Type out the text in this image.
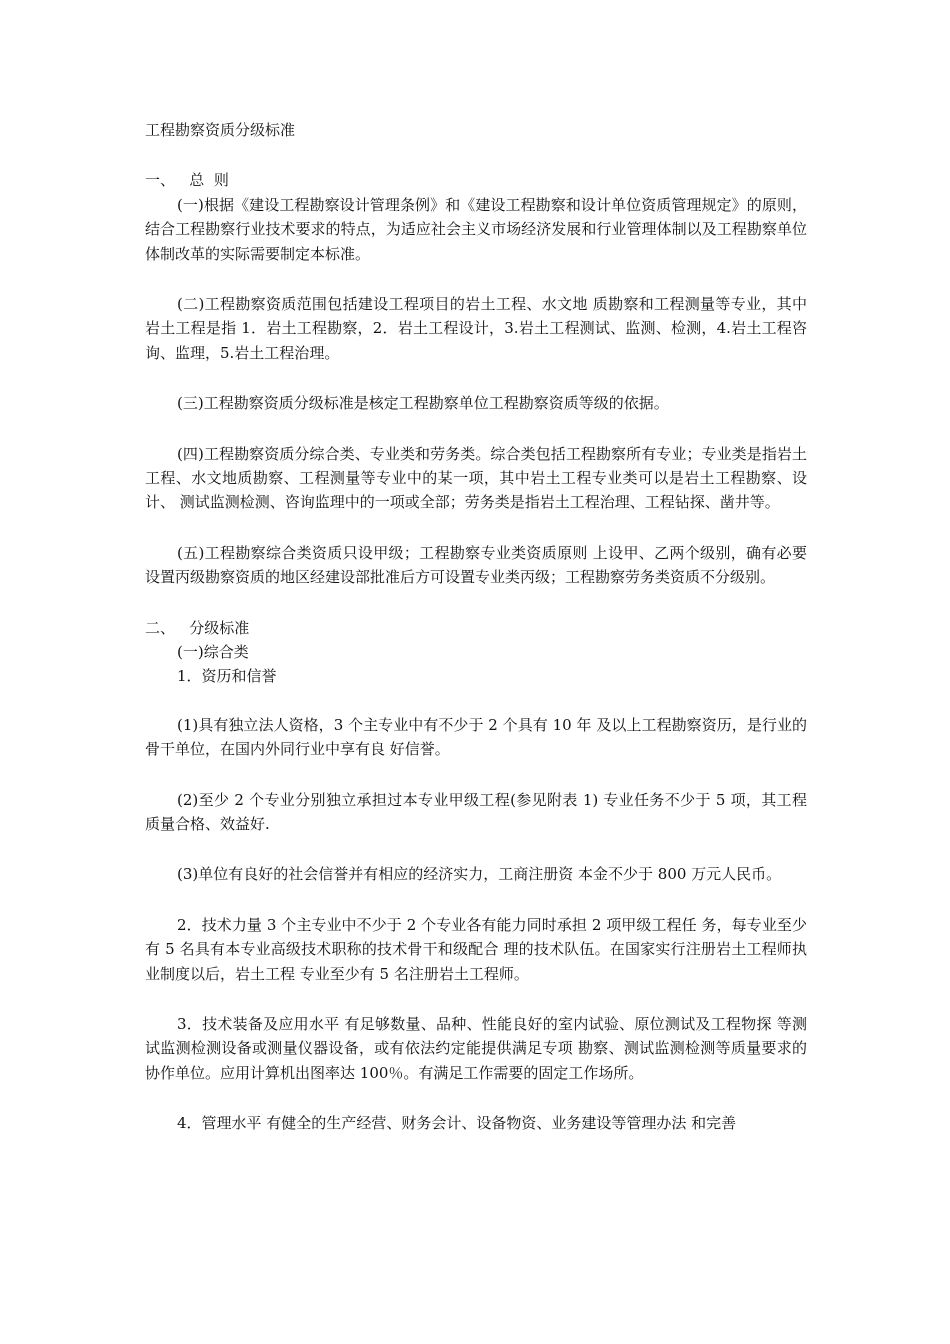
工程勘察资质分级标准
一、   总  则

(一)根据《建设工程勘察设计管理条例》和《建设工程勘察和设计单位资质管理规定》的原则，结合工程勘察行业技术要求的特点，为适应社会主义市场经济发展和行业管理体制以及工程勘察单位体制改革的实际需要制定本标准。

(二)工程勘察资质范围包括建设工程项目的岩土工程、水文地 质勘察和工程测量等专业，其中岩土工程是指 1．岩土工程勘察，2．岩土工程设计，3.岩土工程测试、监测、检测，4.岩土工程咨询、监理，5.岩土工程治理。

(三)工程勘察资质分级标准是核定工程勘察单位工程勘察资质等级的依据。

(四)工程勘察资质分综合类、专业类和劳务类。综合类包括工程勘察所有专业；专业类是指岩土工程、水文地质勘察、工程测量等专业中的某一项，其中岩土工程专业类可以是岩土工程勘察、设计、 测试监测检测、咨询监理中的一项或全部；劳务类是指岩土工程治理、工程钻探、凿井等。

(五)工程勘察综合类资质只设甲级；工程勘察专业类资质原则 上设甲、乙两个级别，确有必要设置丙级勘察资质的地区经建设部批准后方可设置专业类丙级；工程勘察劳务类资质不分级别。

二、   分级标准
(一)综合类
1．资历和信誉

(1)具有独立法人资格，3 个主专业中有不少于 2 个具有 10 年 及以上工程勘察资历，是行业的骨干单位，在国内外同行业中享有良 好信誉。

(2)至少 2 个专业分别独立承担过本专业甲级工程(参见附表 1) 专业任务不少于 5 项，其工程质量合格、效益好.

(3)单位有良好的社会信誉并有相应的经济实力，工商注册资 本金不少于 800 万元人民币。

2．技术力量 3 个主专业中不少于 2 个专业各有能力同时承担 2 项甲级工程任 务，每专业至少有 5 名具有本专业高级技术职称的技术骨干和级配合 理的技术队伍。在国家实行注册岩土工程师执业制度以后，岩土工程 专业至少有 5 名注册岩土工程师。

3．技术装备及应用水平 有足够数量、品种、性能良好的室内试验、原位测试及工程物探 等测试监测检测设备或测量仪器设备，或有依法约定能提供满足专项 勘察、测试监测检测等质量要求的协作单位。应用计算机出图率达 100％。有满足工作需要的固定工作场所。

4．管理水平 有健全的生产经营、财务会计、设备物资、业务建设等管理办法 和完善
